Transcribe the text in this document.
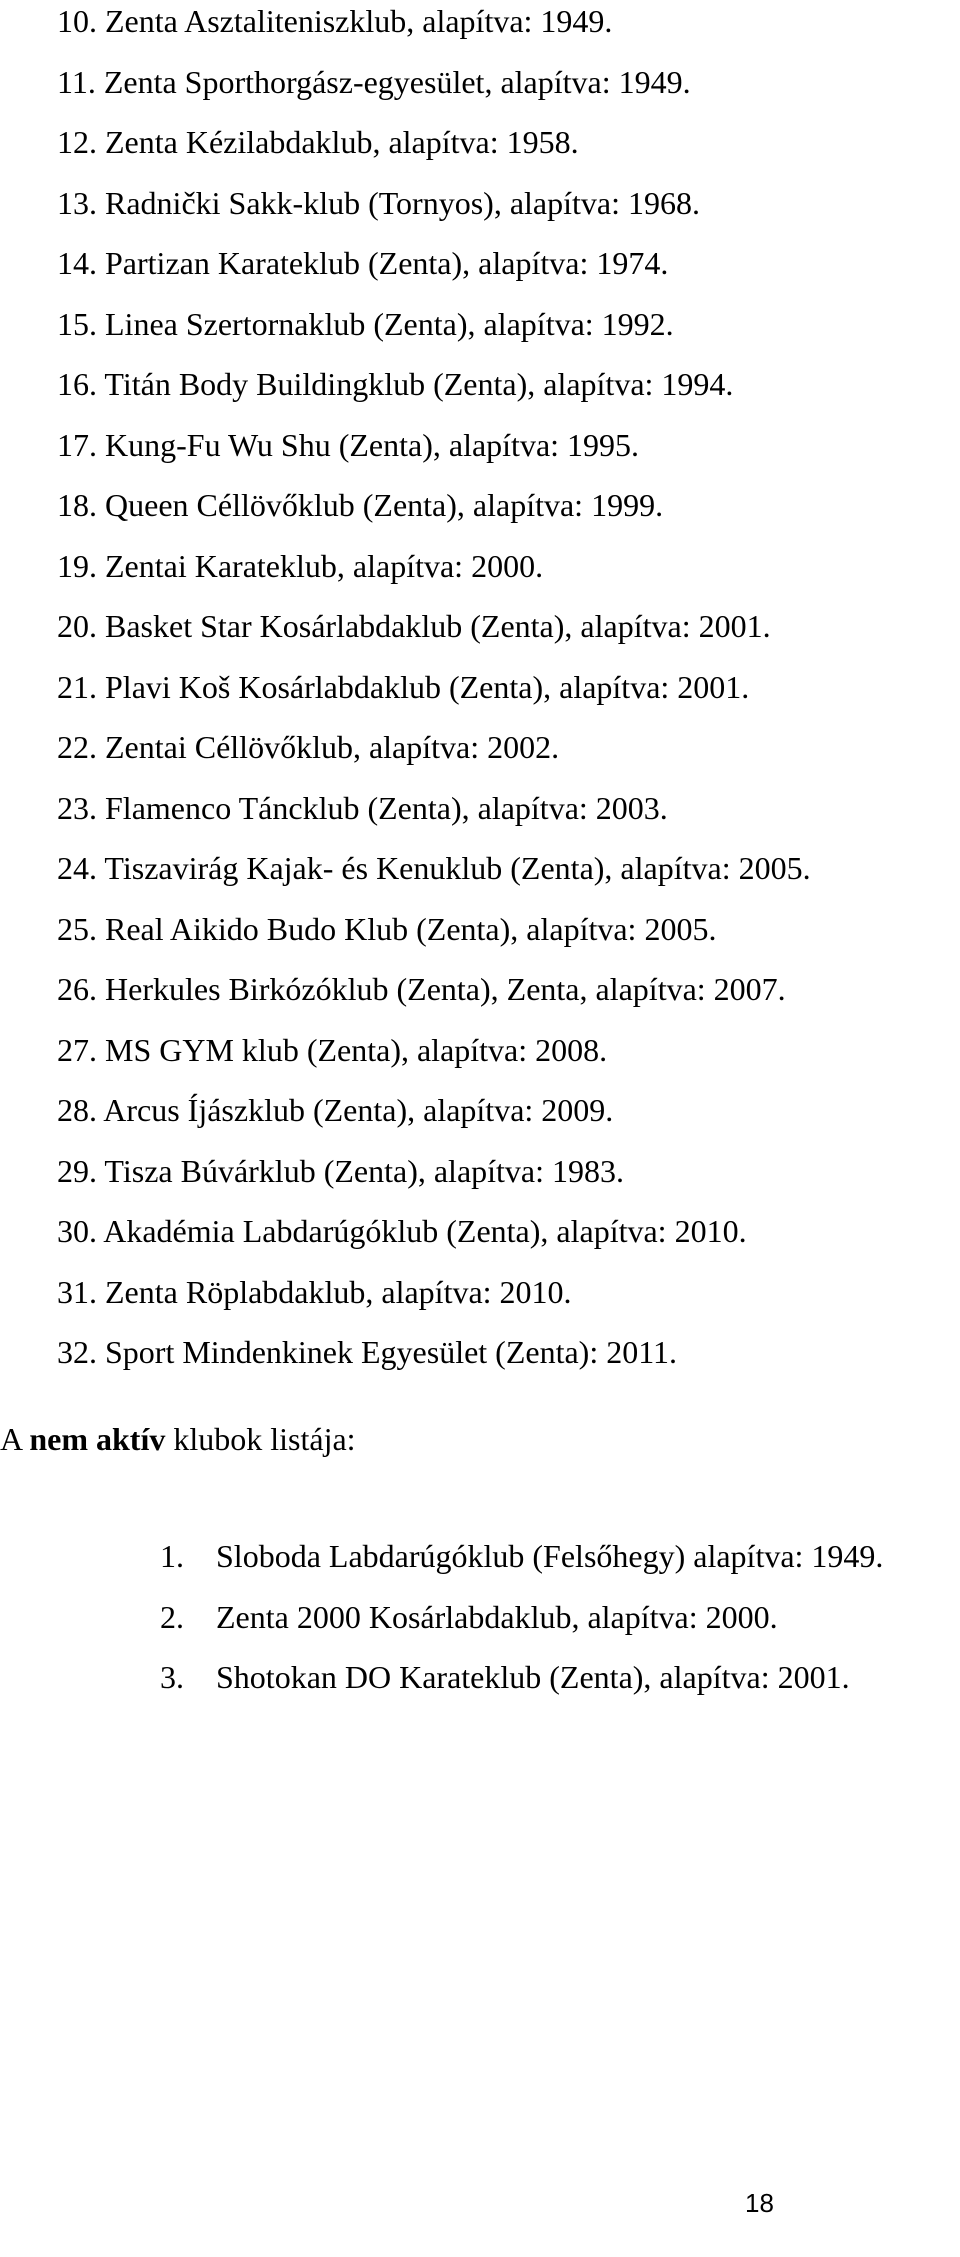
10. Zenta Asztaliteniszklub, alapítva: 1949.
11. Zenta Sporthorgász-egyesület, alapítva: 1949.
12. Zenta Kézilabdaklub, alapítva: 1958.
13. Radnički Sakk-klub (Tornyos), alapítva: 1968.
14. Partizan Karateklub (Zenta), alapítva: 1974.
15. Linea Szertornaklub (Zenta), alapítva: 1992.
16. Titán Body Buildingklub (Zenta), alapítva: 1994.
17. Kung-Fu Wu Shu (Zenta), alapítva: 1995.
18. Queen Céllövőklub (Zenta), alapítva: 1999.
19. Zentai Karateklub, alapítva: 2000.
20. Basket Star Kosárlabdaklub (Zenta), alapítva: 2001.
21. Plavi Koš Kosárlabdaklub (Zenta), alapítva: 2001.
22. Zentai Céllövőklub, alapítva: 2002.
23. Flamenco Táncklub (Zenta), alapítva: 2003.
24. Tiszavirág Kajak- és Kenuklub (Zenta), alapítva: 2005.
25. Real Aikido Budo Klub (Zenta), alapítva: 2005.
26. Herkules Birkózóklub (Zenta), Zenta, alapítva: 2007.
27. MS GYM klub (Zenta), alapítva: 2008.
28. Arcus Íjászklub (Zenta), alapítva: 2009.
29. Tisza Búvárklub (Zenta), alapítva: 1983.
30. Akadémia Labdarúgóklub (Zenta), alapítva: 2010.
31. Zenta Röplabdaklub, alapítva: 2010.
32. Sport Mindenkinek Egyesület (Zenta): 2011.

A nem aktív klubok listája:

1.	Sloboda Labdarúgóklub (Felsőhegy) alapítva: 1949.
2.	Zenta 2000 Kosárlabdaklub, alapítva: 2000.
3.	Shotokan DO Karateklub (Zenta), alapítva: 2001.
18
